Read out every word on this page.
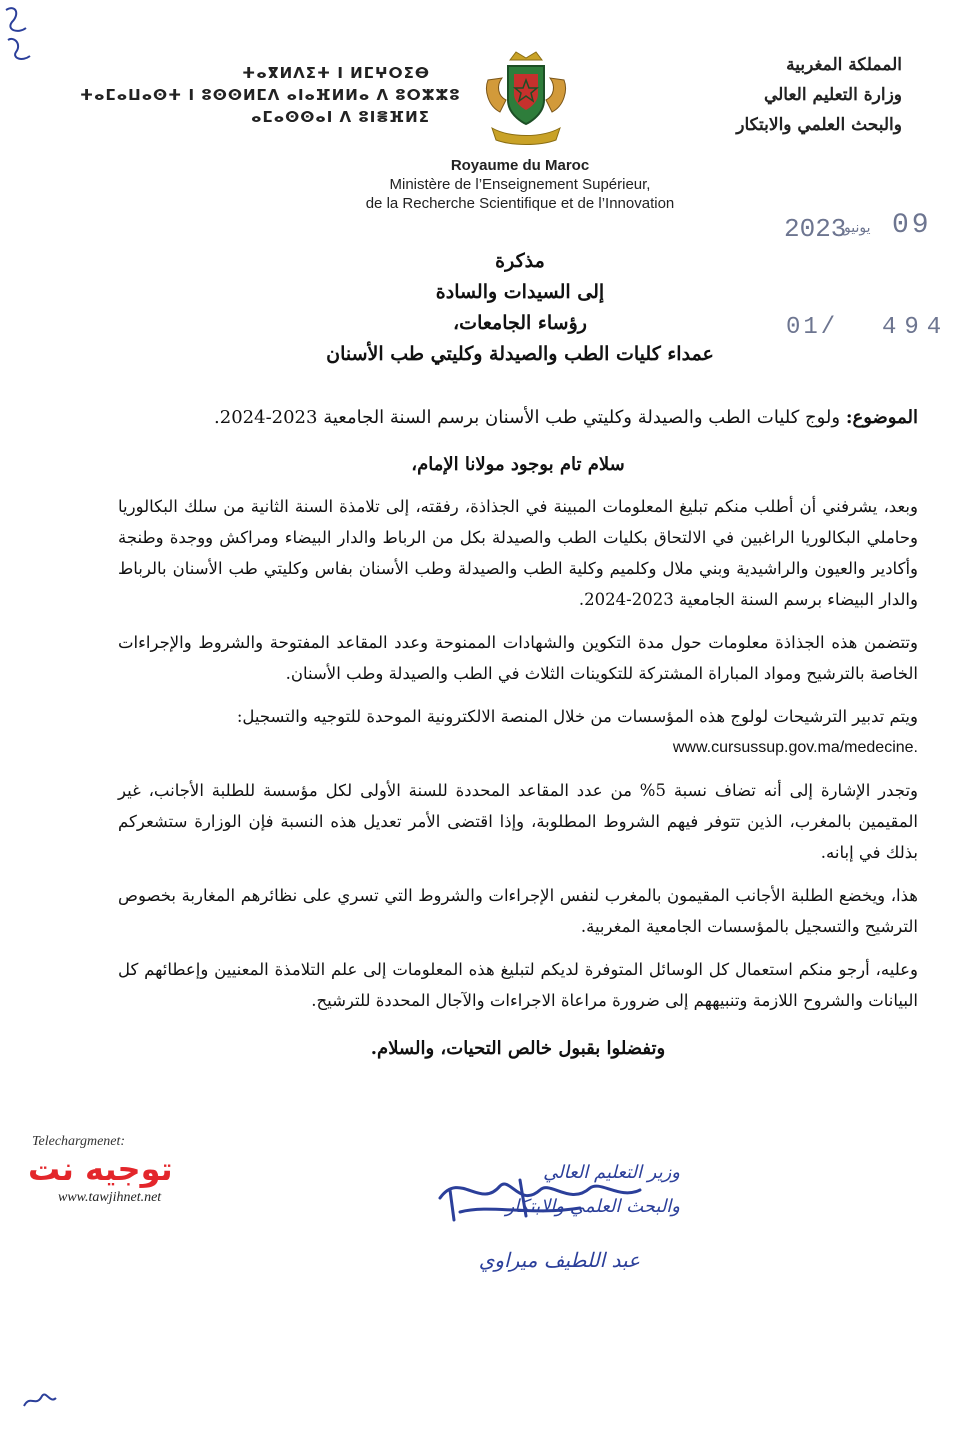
ⵜⴰⴳⵍⴷⵉⵜ ⵏ ⵍⵎⵖⵔⵉⴱ
ⵜⴰⵎⴰⵡⴰⵙⵜ ⵏ ⵓⵙⵙⵍⵎⴷ ⴰⵏⴰⴼⵍⵍⴰ ⴷ ⵓⵔⵣⵣⵓ
ⴰⵎⴰⵙⵙⴰⵏ ⴷ ⵓⵏⴻⴼⵍⵉ
المملكة المغربية
وزارة التعليم العالي
والبحث العلمي والابتكار
Royaume du Maroc
Ministère de l’Enseignement Supérieur,
de la Recherche Scientifique et de l’Innovation
2023
يونيو 09
مذكرة
إلى السيدات والسادة
رؤساء الجامعات،
عمداء كليات الطب والصيدلة وكليتي طب الأسنان
01/ 494
الموضوع: ولوج كليات الطب والصيدلة وكليتي طب الأسنان برسم السنة الجامعية 2023-2024.
سلام تام بوجود مولانا الإمام،
وبعد، يشرفني أن أطلب منكم تبليغ المعلومات المبينة في الجذاذة، رفقته، إلى تلامذة السنة الثانية من سلك البكالوريا وحاملي البكالوريا الراغبين في الالتحاق بكليات الطب والصيدلة بكل من الرباط والدار البيضاء ومراكش ووجدة وطنجة وأكادير والعيون والراشيدية وبني ملال وكلميم وكلية الطب والصيدلة وطب الأسنان بفاس وكليتي طب الأسنان بالرباط والدار البيضاء برسم السنة الجامعية 2023-2024.
وتتضمن هذه الجذاذة معلومات حول مدة التكوين والشهادات الممنوحة وعدد المقاعد المفتوحة والشروط والإجراءات الخاصة بالترشيح ومواد المباراة المشتركة للتكوينات الثلاث في الطب والصيدلة وطب الأسنان.
ويتم تدبير الترشيحات لولوج هذه المؤسسات من خلال المنصة الالكترونية الموحدة للتوجيه والتسجيل:
www.cursussup.gov.ma/medecine.
وتجدر الإشارة إلى أنه تضاف نسبة 5% من عدد المقاعد المحددة للسنة الأولى لكل مؤسسة للطلبة الأجانب، غير المقيمين بالمغرب، الذين تتوفر فيهم الشروط المطلوبة، وإذا اقتضى الأمر تعديل هذه النسبة فإن الوزارة ستشعركم بذلك في إبانه.
هذا، ويخضع الطلبة الأجانب المقيمون بالمغرب لنفس الإجراءات والشروط التي تسري على نظائرهم المغاربة بخصوص الترشيح والتسجيل بالمؤسسات الجامعية المغربية.
وعليه، أرجو منكم استعمال كل الوسائل المتوفرة لديكم لتبليغ هذه المعلومات إلى علم التلامذة المعنيين وإعطائهم كل البيانات والشروح اللازمة وتنبيههم إلى ضرورة مراعاة الاجراءات والآجال المحددة للترشيح.
وتفضلوا بقبول خالص التحيات، والسلام.
Telechargmenet:
توجيه نت
www.tawjihnet.net
وزير التعليم العالي
والبحث العلمي والابتكار
عبد اللطيف ميراوي
